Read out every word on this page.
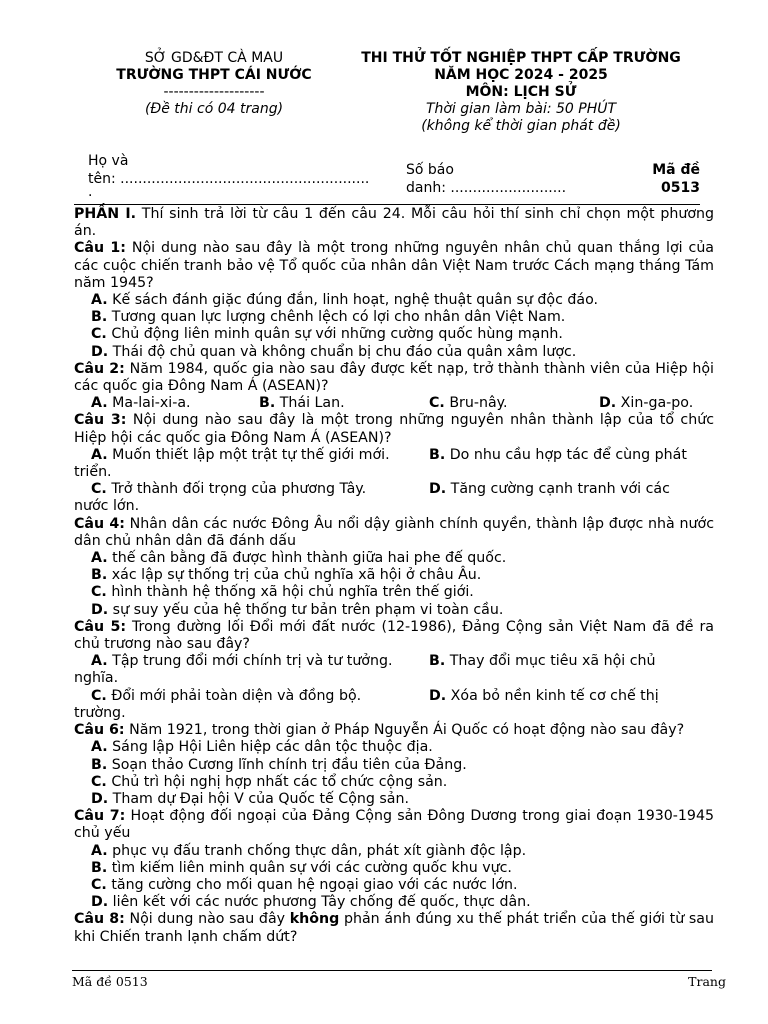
SỞ GD&ĐT CÀ MAU
TRƯỜNG THPT CÁI NƯỚC
--------------------
(Đề thi có 04 trang)
THI THỬ TỐT NGHIỆP THPT CẤP TRƯỜNG
NĂM HỌC 2024 - 2025
MÔN: LỊCH SỬ
Thời gian làm bài: 50 PHÚT
(không kể thời gian phát đề)
Họ và
tên: ........................................................
.
Số báo
danh: ..........................
Mã đề
0513
PHẦN I. Thí sinh trả lời từ câu 1 đến câu 24. Mỗi câu hỏi thí sinh chỉ chọn một phương án.
Câu 1: Nội dung nào sau đây là một trong những nguyên nhân chủ quan thắng lợi của các cuộc chiến tranh bảo vệ Tổ quốc của nhân dân Việt Nam trước Cách mạng tháng Tám năm 1945?
A. Kế sách đánh giặc đúng đắn, linh hoạt, nghệ thuật quân sự độc đáo.
B. Tương quan lực lượng chênh lệch có lợi cho nhân dân Việt Nam.
C. Chủ động liên minh quân sự với những cường quốc hùng mạnh.
D. Thái độ chủ quan và không chuẩn bị chu đáo của quân xâm lược.
Câu 2: Năm 1984, quốc gia nào sau đây được kết nạp, trở thành thành viên của Hiệp hội các quốc gia Đông Nam Á (ASEAN)?
A. Ma-lai-xi-a.	B. Thái Lan.	C. Bru-nây.	D. Xin-ga-po.
Câu 3: Nội dung nào sau đây là một trong những nguyên nhân thành lập của tổ chức Hiệp hội các quốc gia Đông Nam Á (ASEAN)?
A. Muốn thiết lập một trật tự thế giới mới.	B. Do nhu cầu hợp tác để cùng phát
triển.
C. Trở thành đối trọng của phương Tây.	D. Tăng cường cạnh tranh với các
nước lớn.
Câu 4: Nhân dân các nước Đông Âu nổi dậy giành chính quyền, thành lập được nhà nước dân chủ nhân dân đã đánh dấu
A. thế cân bằng đã được hình thành giữa hai phe đế quốc.
B. xác lập sự thống trị của chủ nghĩa xã hội ở châu Âu.
C. hình thành hệ thống xã hội chủ nghĩa trên thế giới.
D. sự suy yếu của hệ thống tư bản trên phạm vi toàn cầu.
Câu 5: Trong đường lối Đổi mới đất nước (12-1986), Đảng Cộng sản Việt Nam đã đề ra chủ trương nào sau đây?
A. Tập trung đổi mới chính trị và tư tưởng.	B. Thay đổi mục tiêu xã hội chủ
nghĩa.
C. Đổi mới phải toàn diện và đồng bộ.	D. Xóa bỏ nền kinh tế cơ chế thị
trường.
Câu 6: Năm 1921, trong thời gian ở Pháp Nguyễn Ái Quốc có hoạt động nào sau đây?
A. Sáng lập Hội Liên hiệp các dân tộc thuộc địa.
B. Soạn thảo Cương lĩnh chính trị đầu tiên của Đảng.
C. Chủ trì hội nghị hợp nhất các tổ chức cộng sản.
D. Tham dự Đại hội V của Quốc tế Cộng sản.
Câu 7: Hoạt động đối ngoại của Đảng Cộng sản Đông Dương trong giai đoạn 1930-1945 chủ yếu
A. phục vụ đấu tranh chống thực dân, phát xít giành độc lập.
B. tìm kiếm liên minh quân sự với các cường quốc khu vực.
C. tăng cường cho mối quan hệ ngoại giao với các nước lớn.
D. liên kết với các nước phương Tây chống đế quốc, thực dân.
Câu 8: Nội dung nào sau đây không phản ánh đúng xu thế phát triển của thế giới từ sau khi Chiến tranh lạnh chấm dứt?
Mã đề 0513	Trang
